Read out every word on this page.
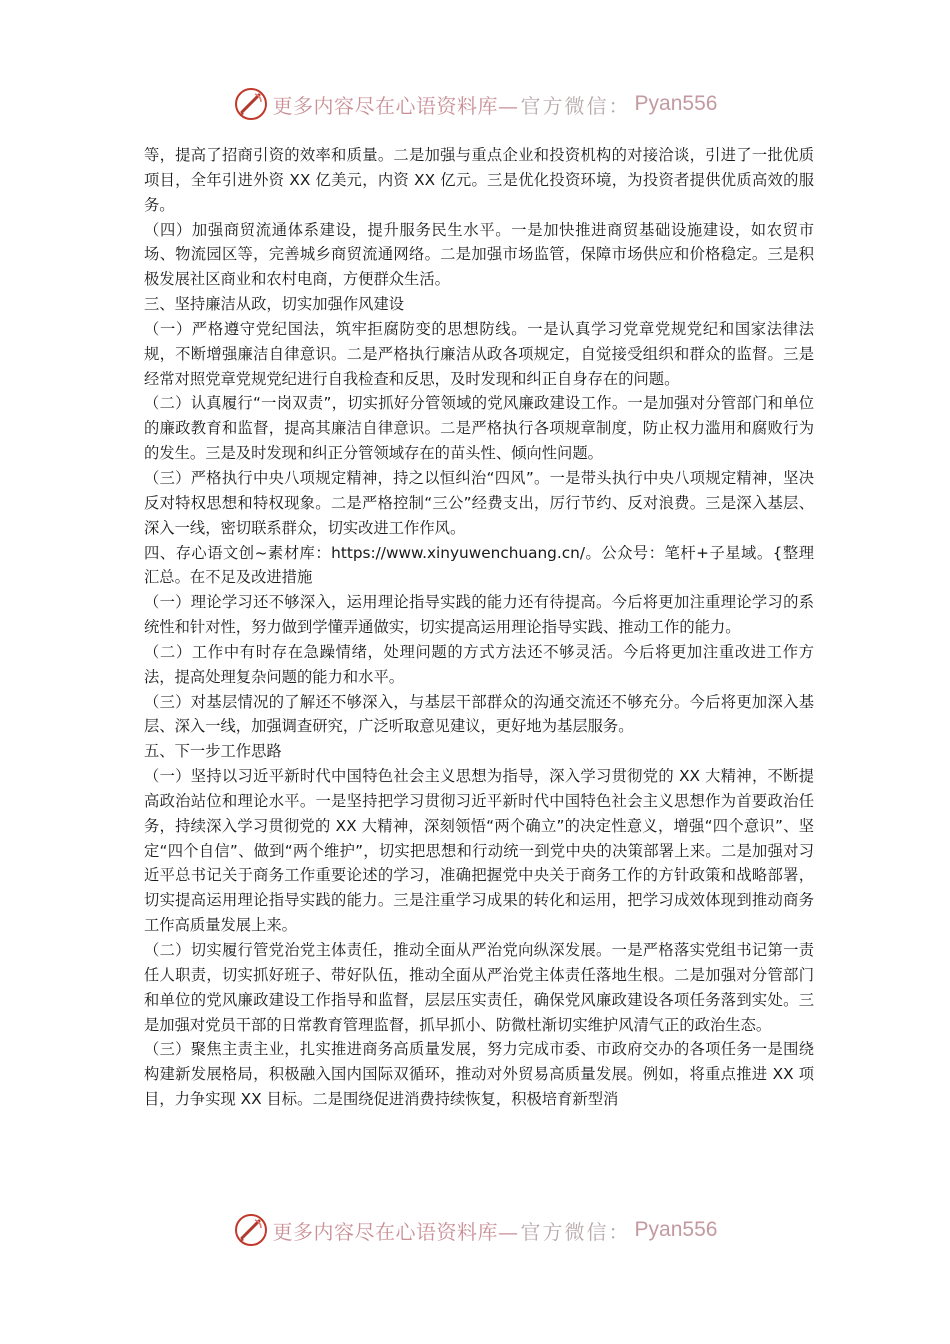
更多内容尽在心语资料库— 官方微信： Pyan556

等，提高了招商引资的效率和质量。二是加强与重点企业和投资机构的对接洽谈，引进了一批优质项目，全年引进外资 XX 亿美元，内资 XX 亿元。三是优化投资环境，为投资者提供优质高效的服务。

（四）加强商贸流通体系建设，提升服务民生水平。一是加快推进商贸基础设施建设，如农贸市场、物流园区等，完善城乡商贸流通网络。二是加强市场监管，保障市场供应和价格稳定。三是积极发展社区商业和农村电商，方便群众生活。

三、坚持廉洁从政，切实加强作风建设

（一）严格遵守党纪国法，筑牢拒腐防变的思想防线。一是认真学习党章党规党纪和国家法律法规，不断增强廉洁自律意识。二是严格执行廉洁从政各项规定，自觉接受组织和群众的监督。三是经常对照党章党规党纪进行自我检查和反思，及时发现和纠正自身存在的问题。

（二）认真履行“一岗双责”，切实抓好分管领域的党风廉政建设工作。一是加强对分管部门和单位的廉政教育和监督，提高其廉洁自律意识。二是严格执行各项规章制度，防止权力滥用和腐败行为的发生。三是及时发现和纠正分管领域存在的苗头性、倾向性问题。

（三）严格执行中央八项规定精神，持之以恒纠治“四风”。一是带头执行中央八项规定精神，坚决反对特权思想和特权现象。二是严格控制“三公”经费支出，厉行节约、反对浪费。三是深入基层、深入一线，密切联系群众，切实改进工作作风。

四、存心语文创~素材库：https://www.xinyuwenchuang.cn/。公众号：笔杆+子星域。{整理汇总。在不足及改进措施

（一）理论学习还不够深入，运用理论指导实践的能力还有待提高。今后将更加注重理论学习的系统性和针对性，努力做到学懂弄通做实，切实提高运用理论指导实践、推动工作的能力。

（二）工作中有时存在急躁情绪，处理问题的方式方法还不够灵活。今后将更加注重改进工作方法，提高处理复杂问题的能力和水平。

（三）对基层情况的了解还不够深入，与基层干部群众的沟通交流还不够充分。今后将更加深入基层、深入一线，加强调查研究，广泛听取意见建议，更好地为基层服务。

五、下一步工作思路

（一）坚持以习近平新时代中国特色社会主义思想为指导，深入学习贯彻党的 XX 大精神，不断提高政治站位和理论水平。一是坚持把学习贯彻习近平新时代中国特色社会主义思想作为首要政治任务，持续深入学习贯彻党的 XX 大精神，深刻领悟“两个确立”的决定性意义，增强“四个意识”、坚定“四个自信”、做到“两个维护”，切实把思想和行动统一到党中央的决策部署上来。二是加强对习近平总书记关于商务工作重要论述的学习，准确把握党中央关于商务工作的方针政策和战略部署，切实提高运用理论指导实践的能力。三是注重学习成果的转化和运用，把学习成效体现到推动商务工作高质量发展上来。

（二）切实履行管党治党主体责任，推动全面从严治党向纵深发展。一是严格落实党组书记第一责任人职责，切实抓好班子、带好队伍，推动全面从严治党主体责任落地生根。二是加强对分管部门和单位的党风廉政建设工作指导和监督，层层压实责任，确保党风廉政建设各项任务落到实处。三是加强对党员干部的日常教育管理监督，抓早抓小、防微杜渐切实维护风清气正的政治生态。

（三）聚焦主责主业，扎实推进商务高质量发展，努力完成市委、市政府交办的各项任务一是围绕构建新发展格局，积极融入国内国际双循环，推动对外贸易高质量发展。例如，将重点推进 XX 项目，力争实现 XX 目标。二是围绕促进消费持续恢复，积极培育新型消

更多内容尽在心语资料库— 官方微信： Pyan556
